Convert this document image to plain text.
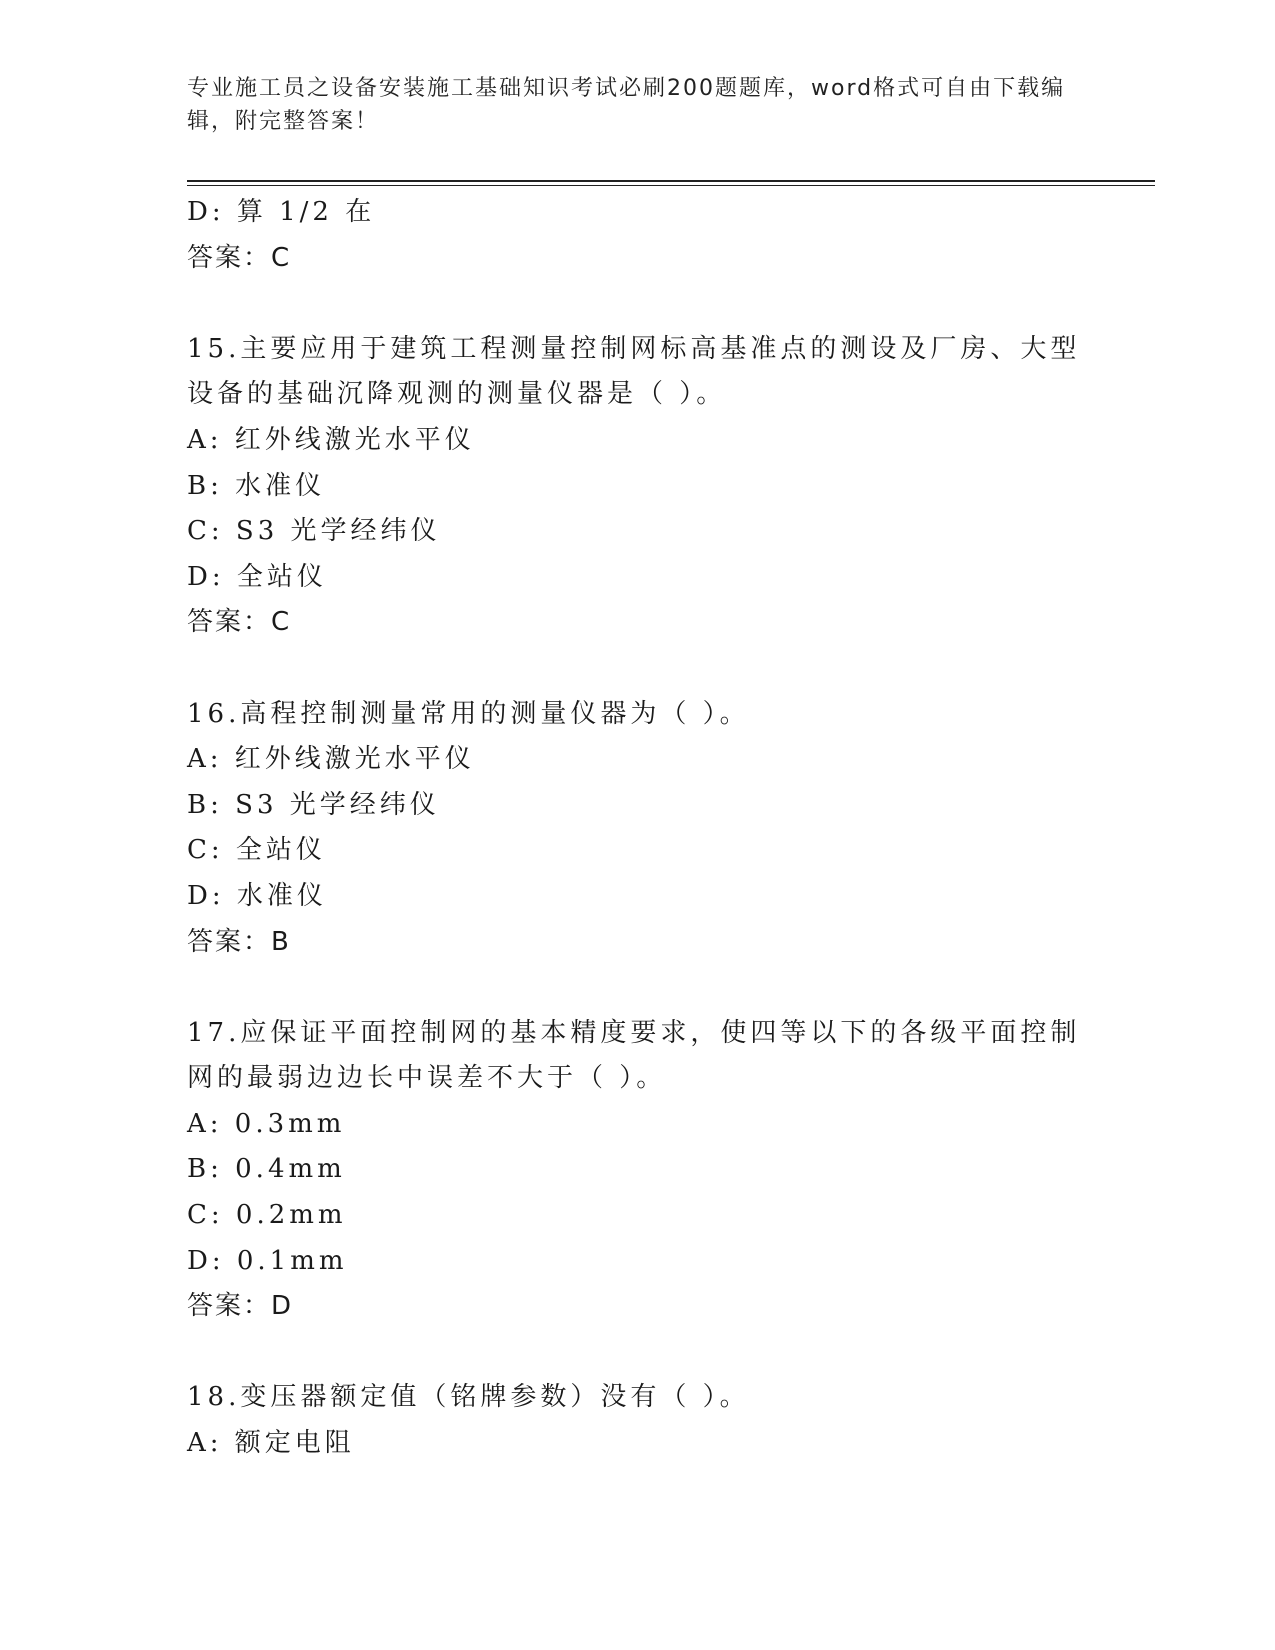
专业施工员之设备安装施工基础知识考试必刷200题题库，word格式可自由下载编辑，附完整答案！
D: 算 1/2 在
答案：C
15.主要应用于建筑工程测量控制网标高基准点的测设及厂房、大型设备的基础沉降观测的测量仪器是（ ）。
A: 红外线激光水平仪
B: 水准仪
C: S3 光学经纬仪
D: 全站仪
答案：C
16.高程控制测量常用的测量仪器为（ ）。
A: 红外线激光水平仪
B: S3 光学经纬仪
C: 全站仪
D: 水准仪
答案：B
17.应保证平面控制网的基本精度要求，使四等以下的各级平面控制网的最弱边边长中误差不大于（ ）。
A: 0.3mm
B: 0.4mm
C: 0.2mm
D: 0.1mm
答案：D
18.变压器额定值（铭牌参数）没有（ ）。
A: 额定电阻
